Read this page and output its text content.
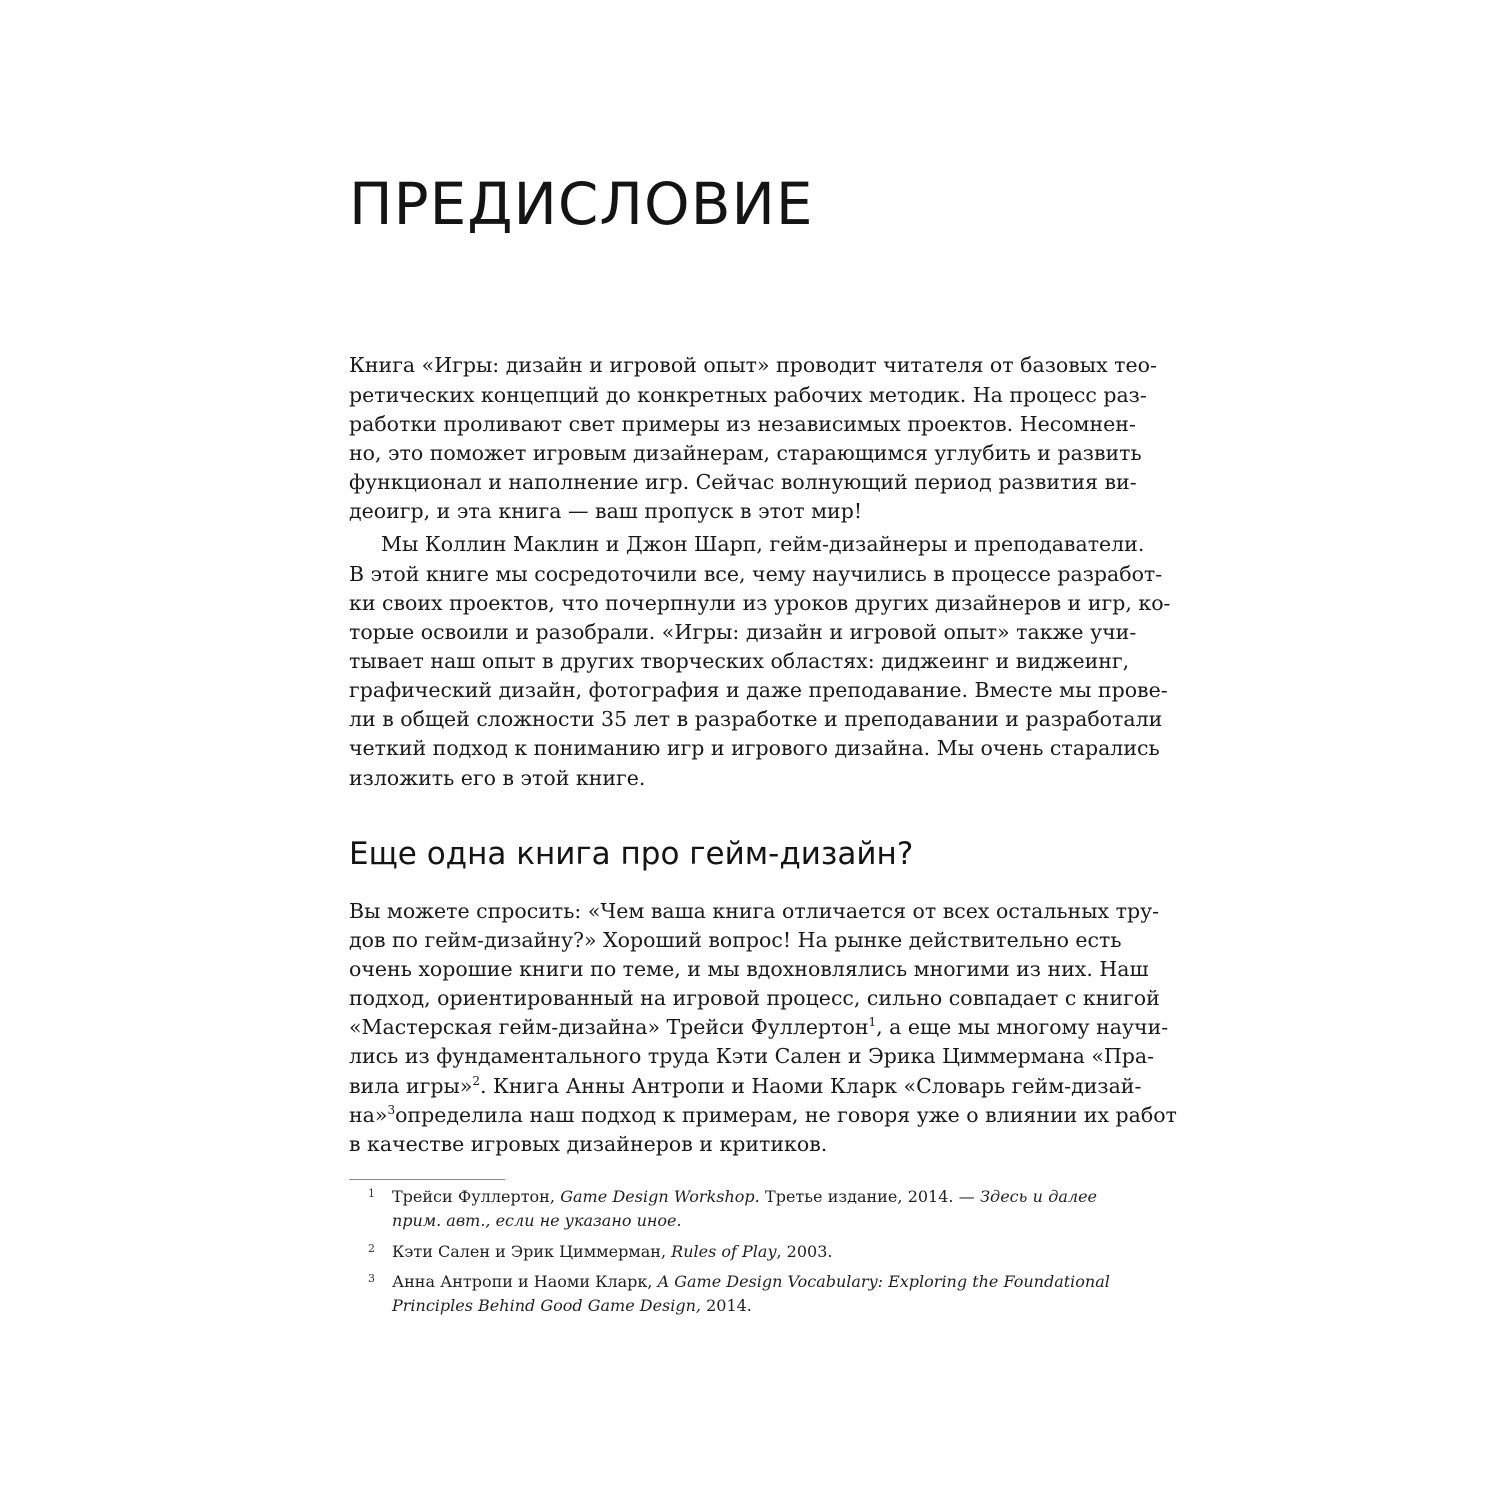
ПРЕДИСЛОВИЕ

Книга «Игры: дизайн и игровой опыт» проводит читателя от базовых тео-

ретических концепций до конкретных рабочих методик. На процесс раз-

работки проливают свет примеры из независимых проектов. Несомнен-

но, это поможет игровым дизайнерам, старающимся углубить и развить

функционал и наполнение игр. Сейчас волнующий период развития ви-

деоигр, и эта книга — ваш пропуск в этот мир!

Мы Коллин Маклин и Джон Шарп, гейм-дизайнеры и преподаватели.

В этой книге мы сосредоточили все, чему научились в процессе разработ-

ки своих проектов, что почерпнули из уроков других дизайнеров и игр, ко-

торые освоили и разобрали. «Игры: дизайн и игровой опыт» также учи-

тывает наш опыт в других творческих областях: диджеинг и виджеинг,

графический дизайн, фотография и даже преподавание. Вместе мы прове-

ли в общей сложности 35 лет в разработке и преподавании и разработали

четкий подход к пониманию игр и игрового дизайна. Мы очень старались

изложить его в этой книге.

Еще одна книга про гейм-дизайн?

Вы можете спросить: «Чем ваша книга отличается от всех остальных тру-

дов по гейм-дизайну?» Хороший вопрос! На рынке действительно есть

очень хорошие книги по теме, и мы вдохновлялись многими из них. Наш

подход, ориентированный на игровой процесс, сильно совпадает с книгой

«Мастерская гейм-дизайна» Трейси Фуллертон$^1$, а еще мы многому научи-

лись из фундаментального труда Кэти Сален и Эрика Циммермана «Пра-

вила игры»$^2$. Книга Анны Антропи и Наоми Кларк «Словарь гейм-дизай-

на»$^3$определила наш подход к примерам, не говоря уже о влиянии их работ

в качестве игровых дизайнеров и критиков.

1 Трейси Фуллертон, Game Design Workshop. Третье издание, 2014. — Здесь и далее

прим. авт., если не указано иное.

2 Кэти Сален и Эрик Циммерман, Rules of Play, 2003.

3 Анна Антропи и Наоми Кларк, A Game Design Vocabulary: Exploring the Foundational

Principles Behind Good Game Design, 2014.
